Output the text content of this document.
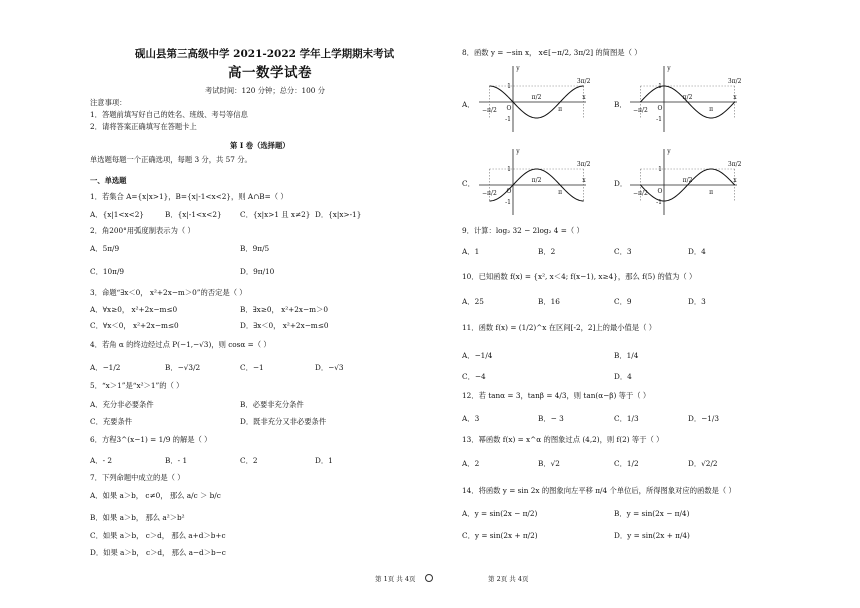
砚山县第三高级中学 2021-2022 学年上学期期末考试
高一数学试卷
考试时间：120 分钟；总分：100 分
注意事项：
1．答题前填写好自己的姓名、班级、考号等信息
2．请将答案正确填写在答题卡上
第 I 卷（选择题）
单选题每题一个正确选项，每题 3 分，共 57 分。
一、单选题
1．若集合 A={x|x>1}，B={x|-1<x<2}，则 A∩B=（ ）
A．{x|1<x<2}	B．{x|-1<x<2}	C．{x|x>1 且 x≠2} D．{x|x>-1}
2．角200°用弧度制表示为（ ）
A．5π/9	B．9π/5
C．10π/9	D．9π/10
3．命题“∃x＜0， x²+2x−m＞0”的否定是（ ）
A．∀x≥0， x²+2x−m≤0	B．∃x≥0， x²+2x−m＞0
C．∀x＜0， x²+2x−m≤0	D．∃x＜0， x²+2x−m≤0
4．若角 α 的终边经过点 P(−1,−√3)，则 cosα =（ ）
A．−1/2	B．−√3/2	C．−1	D．−√3
5．“x＞1”是“x²＞1”的（ ）
A．充分非必要条件	B．必要非充分条件
C．充要条件	D．既非充分又非必要条件
6．方程3^(x−1) = 1/9 的解是（ ）
A．- 2	B．- 1	C．2	D．1
7．下列命题中成立的是（ ）
A．如果 a＞b， c≠0， 那么 a/c ＞ b/c
B．如果 a＞b， 那么 a²＞b²
C．如果 a＞b， c＞d， 那么 a+d＞b+c
D．如果 a＞b， c＞d， 那么 a−d＞b−c
第 1页 共 4页
8．函数 y = −sin x， x∈[−π/2, 3π/2] 的简图是（ ）
A．	B．
C．	D．
y
x
O
1
-1
−π/2
π/2
π
3π/2
y
x
O
1
-1
−π/2
π/2
π
3π/2
y
x
O
1
-1
−π/2
π/2
π
3π/2
y
x
O
1
-1
−π/2
π/2
π
3π/2
9．计算：log₂ 32 − 2log₂ 4 =（ ）
A．1	B．2	C．3	D．4
10．已知函数 f(x) = {x², x＜4; f(x−1), x≥4}，那么 f(5) 的值为（ ）
A．25	B．16	C．9	D．3
11．函数 f(x) = (1/2)^x 在区间[-2，2]上的最小值是（ ）
A．−1/4	B．1/4
C．−4	D．4
12．若 tanα = 3，tanβ = 4/3，则 tan(α−β) 等于（ ）
A．3	B．− 3	C．1/3	D．−1/3
13．幂函数 f(x) = x^α 的图象过点 (4,2)，则 f(2) 等于（ ）
A．2	B．√2	C．1/2	D．√2/2
14．将函数 y = sin 2x 的图象向左平移 π/4 个单位后，所得图象对应的函数是（ ）
A．y = sin(2x − π/2)	B．y = sin(2x − π/4)
C．y = sin(2x + π/2)	D．y = sin(2x + π/4)
第 2页 共 4页
